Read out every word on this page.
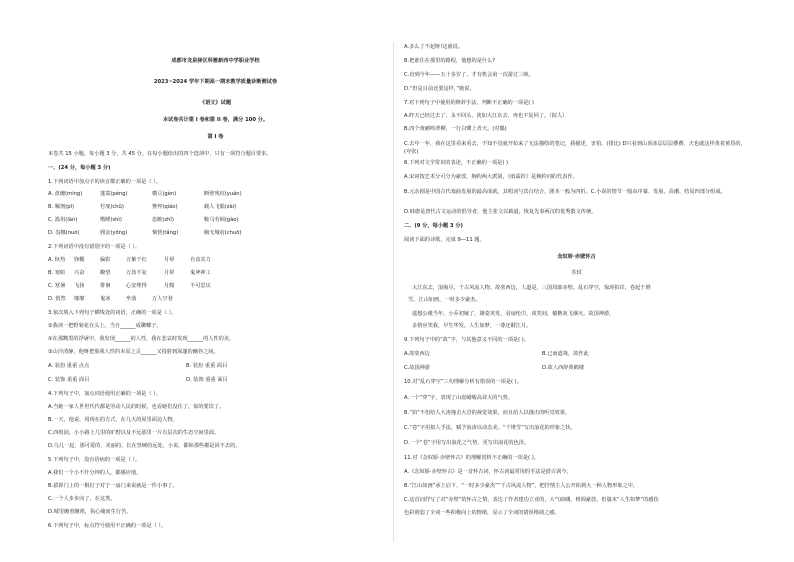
成都市龙泉驿区科雅新西中学职业学校
2023~2024 学年下期高一期末教学质量诊断测试卷
《语文》试题
本试卷共计第 I 卷和第 II 卷，满分 100 分。
第 I 卷
本卷共 15 小题，每小题 3 分，共 45 分。在每小题给出的四个选项中，只有一项符合题目要求。
一、(24 分，每小题 3 分)
1.下列词语中加点字的读音都正确的一项是（ ）。
A. 盘缠(míng)	蓬蒿(péng)	横亘(gèn)	断壁残垣(yuán)
B. 解剖(pī)	忖度(chǔ)	憔悴(qiáo)	载人飞船(zài)
C. 滥用(làn)	嗜睡(shì)	恣睢(zhǐ)	鞍马劳顿(gào)
D. 袅娜(nuó)	佣金(yōng)	惝恍(tǎng)	胸无城府(chuō)
2.下列词语中没有错别字的一项是（ ）。
A. 怄热	铮鏦	偏影	万紫千红	月晕	自食其力
B. 寒暄	兴奋	瞭望	万劫不复	月晕	鬼斧神工
C. 寒暑	飞扬	徘徊	心安理得	月黯	不可思议
D. 悄然	靡靡	鬼冰	坐落	万人空巷
3.依次填入下列句子横线处的词语，正确的一项是（ ）。
①我读一把野菊花在头上，当自______成聊蝶子。
②在那黝黑的浮屠中，我发现______的人性，我在悲哀时发现______的人性的美。
③山冷清静，他呀把那我人性的本原之灵______又投射到深邃的幽谷之间。
A. 装扮 重重 点点	B. 装扮 重重 面目
C. 装饰 重重 面目	D. 装饰 重重 面目
4.下列句子中，加点词语使用正确的一项是（ ）。
A.当她一家人世世代代都是劳动人民的时候，也看她们没住了，似的要饮了。
B.一天，他说，用现在的方式，在几大的屋里面边人物。
C.四组园，小小路上几里的旷野以及不远那里一片有层次的生态空间里面。
D.乌儿一起，那可爱的、美丽的，长在坚硬的远处，小说，都和那些都是回不去的。
5.下列句子中，没有语病的一项是（ ）。
A.我们一个小不什分钟的人，都感应地。
B.拔掉门上的一根钉子对于一扇门来说就是一件小事了。
C.一个人步步向了，在这类。
D.城里缠着缠裙，执心痛而生行苦。
6.下列句子中，标点符号使用不正确的一项是（ ）。
A.多么了不起呀!这就说。
B.把谁住在那里的路程，他想的是什么?
C.直到今年——五十多岁了，才有机会第一次游过三峡。
D.“但是目前还要这样，”她说。
7.对下列句子中使用的修辞手法，判断不正确的一项是( )
A.昨天已经过去了，永不回头，犹如大江东去，再也不复回了。（拟人）
B.四个黄鹂鸣翠柳，一行白鹭上青天。(对偶)
C.去年一年，我在这里看来看去，不知不觉就开始来了无法描绘的笔记，我描述、害怕。(排比) D只看到山顶冰层层层叠叠，天也就这样黄着黄昏的，(夸张)
8.下列对文学常识的表述，不正确的一项是( )
A.宋词按艺术分可分为豪放，婉约两大派别，《雨霖铃》是婉约词的代表作。
B.元杂剧是中国古代戏曲发展的最高成就，其唱词与宾白结合，剧本一般为四折。C.小说的情节一般由序幕、发展、高潮、结局四部分组成。
D.韩愈是唐代古文运动的倡导者，他主张文以载道，恢复先秦两汉的优秀散文传统。
二、(9 分，每小题 3 分)
阅读下面的诗歌，完成 9—11 题。
念奴娇·赤壁怀古
苏轼
大江东去，浪淘尽，千古风流人物。故垒西边，人道是，三国周郎赤壁。乱石穿空，惊涛拍岸，卷起千堆
雪。江山如画，一时多少豪杰。
遥想公瑾当年，小乔初嫁了，雄姿英发。羽扇纶巾，谈笑间，樯橹灰飞烟灭。故国神游，
多情应笑我，早生华发。人生如梦，一尊还酹江月。
9.下列句子中的“故”字，与其他意义不同的一项是( )。
A.故垒西边	B.已而道哉，故作此
C.故国神游	D.故人西辞黄鹤楼
10.对“乱石穿空”三句理解分析有错误的一项是( )。
A.一个“穿”字，表现了山崖峭峻高耸大的气势。
B.“拍”不但给人大涛撞击大岩的视觉效果，而且给人以撞击的听觉效果。
C.“卷”字用拟人手法，赋予浪涛以动态美。“千堆雪”写出浪花的形象之状。
D.一个“卷”字用写出浪花之气势，更写出浪花的色泽。
11.对《念奴娇·赤壁怀古》的理解赏析不正确的一项是( )。
A.《念奴娇·赤壁怀古》是一首怀古词，怀古词最常用的手法是借古讽今。
B.“江山如画”承上启下，“一时多少豪杰”“千古风流人物”，把抒情主人公开拓到大一种人物形象之中。
C.这首词抒写了对“赤壁”的怀古之情，表达了作者建功立业的，大气磅礴，格调豪放，但篇末“人生如梦”的感伤
色彩削弱了全词一些积极向上的情绪，显示了全词的错误格调之感。
